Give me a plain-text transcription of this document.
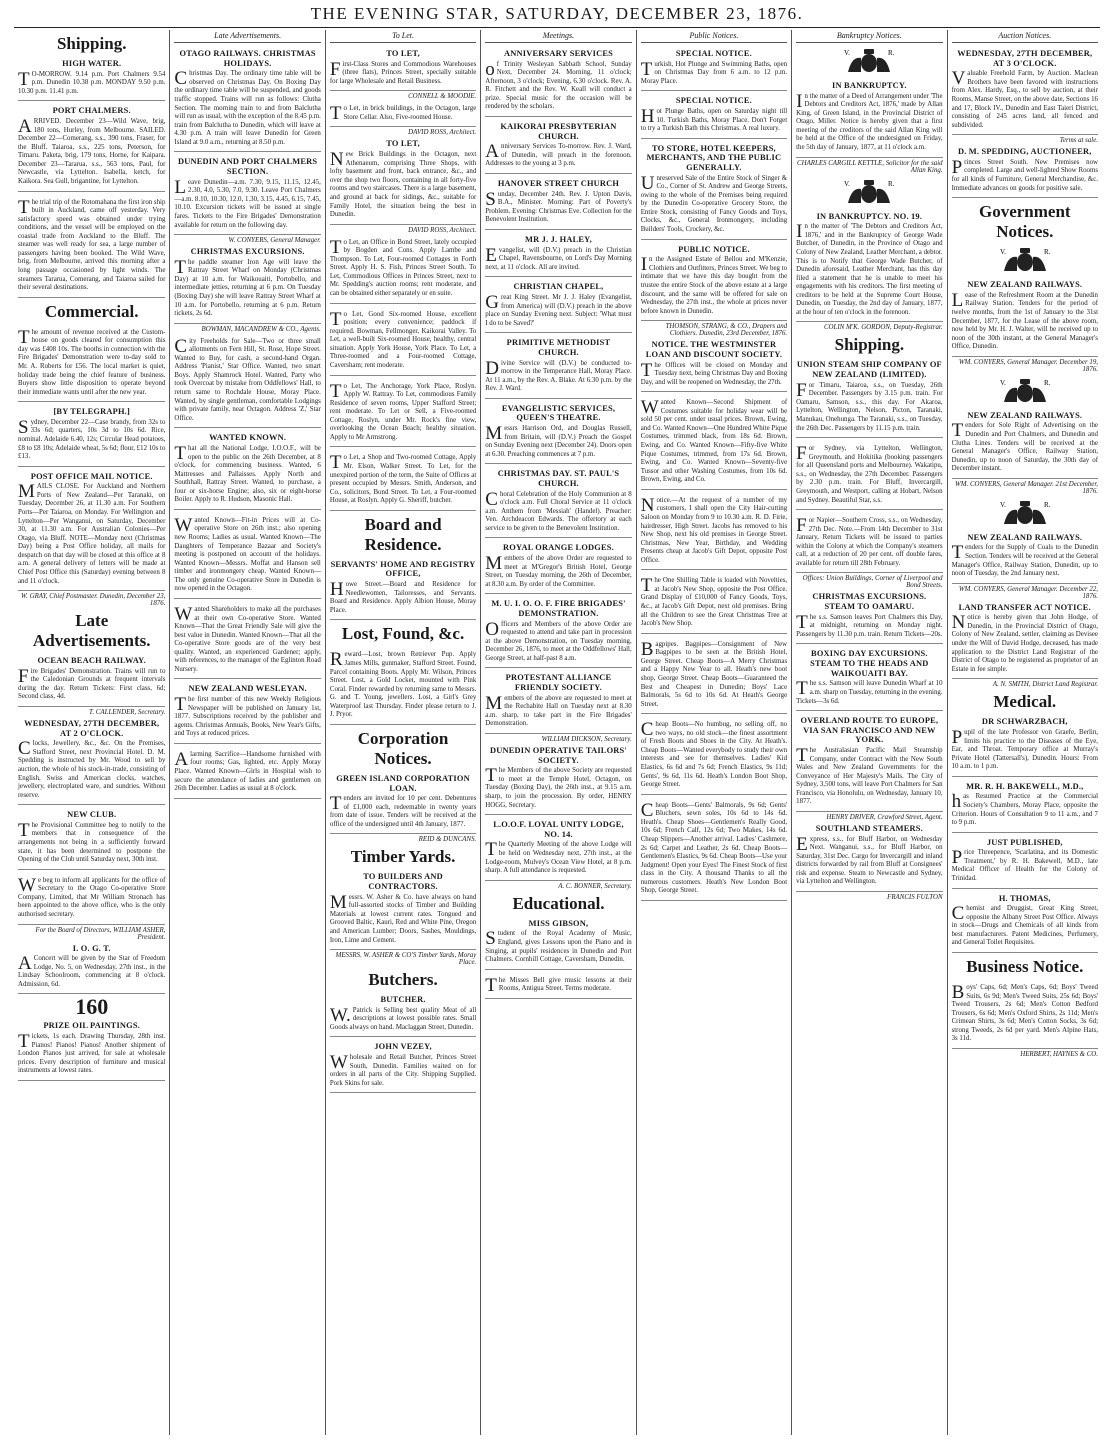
THE EVENING STAR, SATURDAY, DECEMBER 23, 1876.
Shipping.
HIGH WATER.
TO-MORROW. 9.14 p.m. Port Chalmers 9.54 p.m. Dunedin 10.38 p.m. MONDAY 9.50 p.m. 10.30 p.m. 11.41 p.m.
PORT CHALMERS.
ARRIVED. December 23—Wild Wave, brig, 180 tons, Hurley, from Melbourne. SAILED. December 22—Comerang, s.s., 390 tons, Fraser, for the Bluff. Taiaroa, s.s., 225 tons, Peterson, for Timaru. Paketa, brig, 179 tons, Horne, for Kaipara. December 23—Tararua, s.s., 563 tons, Paul, for Newcastle, via Lyttelton. Isabella, ketch, for Kaikora. Sea Gull, brigantine, for Lyttelton.
The trial trip of the Rotomahana the first iron ship built in Auckland, came off yesterday. Very satisfactory speed was obtained under trying conditions, and the vessel will be employed on the coastal trade from Auckland to the Bluff. The steamer was well ready for sea, a large number of passengers having been booked. The Wild Wave, brig, from Melbourne, arrived this morning after a long passage occasioned by light winds. The steamers Tararua, Comerang, and Taiaroa sailed for their several destinations.
Commercial.
The amount of revenue received at the Custom-house on goods cleared for consumption this day was £408 10s. The booths in connection with the Fire Brigades' Demonstration were to-day sold to Mr. A. Roberts for £56. The local market is quiet, holiday trade being the chief feature of business. Buyers show little disposition to operate beyond their immediate wants until after the new year.
[BY TELEGRAPH.]
Sydney, December 22—Case brandy, from 32s to 33s 6d; quarters, 10s 3d to 10s 6d. Rice, nominal. Adelaide 6.40, 12s; Circular Head potatoes, £8 to £8 10s; Adelaide wheat, 5s 6d; flour, £12 10s to £13.
POST OFFICE MAIL NOTICE.
MAILS CLOSE. For Auckland and Northern Ports of New Zealand—Per Taranaki, on Tuesday, December 26, at 11.30 a.m. For Southern Ports—Per Taiaroa, on Monday. For Wellington and Lyttelton—Per Wanganui, on Saturday, December 30, at 11.30 a.m. For Australian Colonies—Per Otago, via Bluff. NOTE—Monday next (Christmas Day) being a Post Office holiday, all mails for despatch on that day will be closed at this office at 8 a.m. A general delivery of letters will be made at Chief Post Office this (Saturday) evening between 8 and 11 o'clock.
W. GRAY, Chief Postmaster. Dunedin, December 23, 1876.
Late Advertisements.
OCEAN BEACH RAILWAY.
Fire Brigades' Demonstration. Trains will run to the Caledonian Grounds at frequent intervals during the day. Return Tickets: First class, 6d; Second class, 4d.
T. CALLENDER, Secretary.
WEDNESDAY, 27TH DECEMBER, AT 2 O'CLOCK.
Clocks, Jewellery, &c., &c. On the Premises, Stafford Street, next Provincial Hotel. D. M. Spedding is instructed by Mr. Wood to sell by auction, the whole of his stock-in-trade, consisting of English, Swiss and American clocks, watches, jewellery, electroplated ware, and sundries. Without reserve.
NEW CLUB.
The Provisional Committee beg to notify to the members that in consequence of the arrangements not being in a sufficiently forward state, it has been determined to postpone the Opening of the Club until Saturday next, 30th inst.
We beg to inform all applicants for the office of Secretary to the Otago Co-operative Store Company, Limited, that Mr William Stronach has been appointed to the above office, who is the only authorised secretary.
For the Board of Directors, WILLIAM ASHER, President.
I. O. G. T.
AConcert will be given by the Star of Freedom Lodge, No. 5, on Wednesday, 27th inst., in the Lindsay Schoolroom, commencing at 8 o'clock. Admission, 6d.
160
PRIZE OIL PAINTINGS.
Tickets, 1s each. Drawing Thursday, 28th inst. Pianos! Pianos! Pianos! Another shipment of London Pianos just arrived, for sale at wholesale prices. Every description of furniture and musical instruments at lowest rates.
Late Advertisements.
OTAGO RAILWAYS. CHRISTMAS HOLIDAYS.
Christmas Day. The ordinary time table will be observed on Christmas Day. On Boxing Day the ordinary time table will be suspended, and goods traffic stopped. Trains will run as follows: Clutha Section. The morning train to and from Balclutha will run as usual, with the exception of the 8.45 p.m. train from Balclutha to Dunedin, which will leave at 4.30 p.m. A train will leave Dunedin for Green Island at 9.0 a.m., returning at 8.50 p.m.
DUNEDIN AND PORT CHALMERS SECTION.
Leave Dunedin—a.m. 7.30, 9.15, 11.15, 12.45, 2.30, 4.0, 5.30, 7.0, 9.30. Leave Port Chalmers—a.m. 8.10, 10.30, 12.0, 1.30, 3.15, 4.45, 6.15, 7.45, 10.10. Excursion tickets will be issued at single fares. Tickets to the Fire Brigades' Demonstration available for return on the following day.
W. CONYERS, General Manager.
CHRISTMAS EXCURSIONS.
The paddle steamer Iron Age will leave the Rattray Street Wharf on Monday (Christmas Day) at 10 a.m. for Waikouaiti, Portobello, and intermediate jetties, returning at 6 p.m. On Tuesday (Boxing Day) she will leave Rattray Street Wharf at 10 a.m. for Portobello, returning at 6 p.m. Return tickets, 2s 6d.
BOWMAN, MACANDREW & CO., Agents.
City Freeholds for Sale—Two or three small allotments on Fern Hill, St. Rose, Hope Street. Wanted to Buy, for cash, a second-hand Organ. Address 'Pianist,' Star Office. Wanted, two smart Boys. Apply Shamrock Hotel. Wanted, Party who took Overcoat by mistake from Oddfellows' Hall, to return same to Rochdale House, Moray Place. Wanted, by single gentleman, comfortable Lodgings with private family, near Octagon. Address 'Z,' Star Office.
WANTED KNOWN.
That all the National Lodge, I.O.O.F., will be open to the public on the 26th December, at 8 o'clock, for commencing business. Wanted, 6 Mattresses and Pallaisses. Apply North and Southhall, Rattray Street. Wanted, to purchase, a four or six-horse Engine; also, six or eight-horse Boiler. Apply to R. Hudson, Masonic Hall.
Wanted Known—Fit-in Prices will at Co-operative Store on 26th inst.; also opening new Rooms; Ladies as usual. Wanted Known—The Daughters of Temperance Bazaar and Society's meeting is postponed on account of the holidays. Wanted Known—Messrs. Moffat and Hanson sell timber and ironmongery cheap. Wanted Known—The only genuine Co-operative Store in Dunedin is now opened in the Octagon.
Wanted Shareholders to make all the purchases at their own Co-operative Store. Wanted Known—That the Great Friendly Sale will give the best value in Dunedin. Wanted Known—That all the Co-operative Store goods are of the very best quality. Wanted, an experienced Gardener; apply, with references, to the manager of the Eglinton Road Nursery.
NEW ZEALAND WESLEYAN.
The first number of this new Weekly Religious Newspaper will be published on January 1st, 1877. Subscriptions received by the publisher and agents. Christmas Annuals, Books, New Year's Gifts, and Toys at reduced prices.
Alarming Sacrifice—Handsome furnished with four rooms; Gas, lighted, etc. Apply Moray Place. Wanted Known—Girls in Hospital wish to secure the attendance of ladies and gentlemen on 26th December. Ladies as usual at 8 o'clock.
To Let.
TO LET,
First-Class Stores and Commodious Warehouses (three flats), Princes Street, specially suitable for large Wholesale and Retail Business.
CONNELL & MOODIE.
To Let, in brick buildings, in the Octagon, large Store Cellar. Also, Five-roomed House.
DAVID ROSS, Architect.
TO LET,
New Brick Buildings in the Octagon, next Athenaeum, comprising Three Shops, with lofty basement and front, back entrance, &c., and over the shop two floors, containing in all forty-five rooms and two staircases. There is a large basement, and ground at back for sidings, &c., suitable for Family Hotel, the situation being the best in Dunedin.
DAVID ROSS, Architect.
To Let, an Office in Bond Street, lately occupied by Bogden and Cons. Apply Lambe and Thompson. To Let, Four-roomed Cottages in Forth Street. Apply H. S. Fish, Princes Street South. To Let, Commodious Offices in Princes Street, next to Mr. Spedding's auction rooms; rent moderate, and can be obtained either separately or en suite.
To Let, Good Six-roomed House, excellent position; every convenience; paddock if required. Bowman, Fellmonger, Kaikorai Valley. To Let, a well-built Six-roomed House, healthy, central situation. Apply York House, York Place. To Let, a Three-roomed and a Four-roomed Cottage, Caversham; rent moderate.
To Let, The Anchorage, York Place, Roslyn. Apply W. Rattray. To Let, commodious Family Residence of seven rooms, Upper Stafford Street; rent moderate. To Let or Sell, a Five-roomed Cottage, Roslyn, under Mr. Rock's fine view, overlooking the Ocean Beach; healthy situation. Apply to Mr Armstrong.
To Let, a Shop and Two-roomed Cottage, Apply Mr. Elson, Walker Street. To Let, for the unexpired portion of the term, the Suite of Offices at present occupied by Messrs. Smith, Anderson, and Co., solicitors, Bond Street. To Let, a Four-roomed House, at Roslyn. Apply G. Sheriff, butcher.
Board and Residence.
SERVANTS' HOME AND REGISTRY OFFICE,
Howe Street.—Board and Residence for Needlewomen, Tailoresses, and Servants. Board and Residence. Apply Albion House, Moray Place.
Lost, Found, &c.
Reward—Lost, brown Retriever Pup. Apply James Mills, gunmaker, Stafford Street. Found, Parcel containing Boots. Apply Mr. Wilson, Princes Street. Lost, a Gold Locket, mounted with Pink Coral. Finder rewarded by returning same to Messrs. G. and T. Young, jewellers. Lost, a Girl's Grey Waterproof last Thursday. Finder please return to J. J. Pryor.
Corporation Notices.
GREEN ISLAND CORPORATION LOAN.
Tenders are invited for 10 per cent. Debentures of £1,000 each, redeemable in twenty years from date of issue. Tenders will be received at the office of the undersigned until 4th January, 1877.
REID & DUNCANS.
Timber Yards.
TO BUILDERS AND CONTRACTORS.
Messrs. W. Asher & Co. have always on hand full-assorted stocks of Timber and Building Materials at lowest current rates. Tongued and Grooved Baltic, Kauri, Red and White Pine, Oregon and American Lumber; Doors, Sashes, Mouldings, Iron, Lime and Cement.
MESSRS. W. ASHER & CO'S Timber Yards, Moray Place.
Butchers.
BUTCHER.
W.Patrick is Selling best quality Meat of all descriptions at lowest possible rates. Small Goods always on hand. Maclaggan Street, Dunedin.
JOHN VEZEY,
Wholesale and Retail Butcher, Princes Street South, Dunedin. Families waited on for orders in all parts of the City. Shipping Supplied. Pork Skins for sale.
Meetings.
ANNIVERSARY SERVICES
of Trinity Wesleyan Sabbath School, Sunday Next, December 24. Morning, 11 o'clock; Afternoon, 3 o'clock; Evening, 6.30 o'clock. Rev. A. R. Fitchett and the Rev. W. Keall will conduct a prize. Special music for the occasion will be rendered by the scholars.
KAIKORAI PRESBYTERIAN CHURCH.
Anniversary Services To-morrow. Rev. J. Ward, of Dunedin, will preach in the forenoon. Addresses to the young at 3 p.m.
HANOVER STREET CHURCH
Sunday, December 24th. Rev. J. Upton Davis, B.A., Minister. Morning: Part of Poverty's Problem. Evening: Christmas Eve. Collection for the Benevolent Institution.
MR J. J. HALEY,
Evangelist, will (D.V.) preach in the Christian Chapel, Ravensbourne, on Lord's Day Morning next, at 11 o'clock. All are invited.
CHRISTIAN CHAPEL,
Great King Street. Mr J. J. Haley (Evangelist, from America) will (D.V.) preach in the above place on Sunday Evening next. Subject: 'What must I do to be Saved?'
PRIMITIVE METHODIST CHURCH.
Divine Service will (D.V.) be conducted to-morrow in the Temperance Hall, Moray Place. At 11 a.m., by the Rev. A. Blake. At 6.30 p.m. by the Rev. J. Ward.
EVANGELISTIC SERVICES, QUEEN'S THEATRE.
Messrs Harrison Ord, and Douglas Russell, from Britain, will (D.V.) Preach the Gospel on Sunday Evening next (December 24). Doors open at 6.30. Preaching commences at 7 p.m.
CHRISTMAS DAY. ST. PAUL'S CHURCH.
Choral Celebration of the Holy Communion at 8 o'clock a.m. Full Choral Service at 11 o'clock a.m. Anthem from 'Messiah' (Handel). Preacher: Ven. Archdeacon Edwards. The offertory at each service to be given to the Benevolent Institution.
ROYAL ORANGE LODGES.
Members of the above Order are requested to meet at M'Gregor's British Hotel, George Street, on Tuesday morning, the 26th of December, at 8.30 a.m. By order of the Committee.
M. U. I. O. O. F. FIRE BRIGADES' DEMONSTRATION.
Officers and Members of the above Order are requested to attend and take part in procession at the above Demonstration, on Tuesday morning, December 26, 1876, to meet at the Oddfellows' Hall, George Street, at half-past 8 a.m.
PROTESTANT ALLIANCE FRIENDLY SOCIETY.
Members of the above are requested to meet at the Rechabite Hall on Tuesday next at 8.30 a.m. sharp, to take part in the Fire Brigades' Demonstration.
WILLIAM DICKSON, Secretary.
DUNEDIN OPERATIVE TAILORS' SOCIETY.
The Members of the above Society are requested to meet at the Temple Hotel, Octagon, on Tuesday (Boxing Day), the 26th inst., at 9.15 a.m. sharp, to join the procession. By order, HENRY HOGG, Secretary.
L.O.O.F. LOYAL UNITY LODGE, NO. 14.
The Quarterly Meeting of the above Lodge will be held on Wednesday next, 27th inst., at the Lodge-room, Mulvey's Ocean View Hotel, at 8 p.m. sharp. A full attendance is requested.
A. C. BONNER, Secretary.
Educational.
MISS GIBSON,
Student of the Royal Academy of Music, England, gives Lessons upon the Piano and in Singing, at pupils' residences in Dunedin and Port Chalmers. Cornhill Cottage, Caversham, Dunedin.
The Misses Bell give music lessons at their Rooms, Antigua Street. Terms moderate.
Public Notices.
SPECIAL NOTICE.
Turkish, Hot Plunge and Swimming Baths, open on Christmas Day from 6 a.m. to 12 p.m. Moray Place.
SPECIAL NOTICE.
Hot Plunge Baths, open on Saturday night till 10. Turkish Baths, Moray Place. Don't Forget to try a Turkish Bath this Christmas. A real luxury.
TO STORE, HOTEL KEEPERS, MERCHANTS, AND THE PUBLIC GENERALLY.
Unreserved Sale of the Entire Stock of Singer & Co., Corner of St. Andrew and George Streets, owing to the whole of the Premises being required by the Dunedin Co-operative Grocery Store, the Entire Stock, consisting of Fancy Goods and Toys, Clocks, &c., General Ironmongery, including Builders' Tools, Crockery, &c.
PUBLIC NOTICE.
In the Assigned Estate of Bellou and M'Kenzie, Clothiers and Outfitters, Princes Street. We beg to intimate that we have this day bought from the trustee the entire Stock of the above estate at a large discount, and the same will be offered for sale on Wednesday, the 27th inst., the whole at prices never before known in Dunedin.
THOMSON, STRANG, & CO., Drapers and Clothiers. Dunedin, 23rd December, 1876.
NOTICE. THE WESTMINSTER LOAN AND DISCOUNT SOCIETY.
The Offices will be closed on Monday and Tuesday next, being Christmas Day and Boxing Day, and will be reopened on Wednesday, the 27th.
Wanted Known—Second Shipment of Costumes suitable for holiday wear will be sold 50 per cent. under usual prices. Brown, Ewing, and Co. Wanted Known—One Hundred White Pique Costumes, trimmed black, from 18s 6d. Brown, Ewing, and Co. Wanted Known—Fifty-five White Pique Costumes, trimmed, from 17s 6d. Brown, Ewing, and Co. Wanted Known—Seventy-five Tussor and other Washing Costumes, from 10s 6d. Brown, Ewing, and Co.
Notice.—At the request of a number of my customers, I shall open the City Hair-cutting Saloon on Monday from 9 to 10.30 a.m. R. D. Firie, hairdresser, High Street. Jacobs has removed to his New Shop, next his old premises in George Street. Christmas, New Year, Birthday, and Wedding Presents cheap at Jacob's Gift Depot, opposite Post Office.
The One Shilling Table is loaded with Novelties, at Jacob's New Shop, opposite the Post Office. Grand Display of £10,000 of Fancy Goods, Toys, &c., at Jacob's Gift Depot, next old premises. Bring all the Children to see the Great Christmas Tree at Jacob's New Shop.
Bagpipes. Bagpipes—Consignment of New Bagpipes to be seen at the British Hotel, George Street. Cheap Boots—A Merry Christmas and a Happy New Year to all. Heath's new boot shop, George Street. Cheap Boots—Guaranteed the Best and Cheapest in Dunedin; Boys' Lace Balmorals, 5s 6d to 10s 6d. At Heath's George Street.
Cheap Boots—No humbug, no selling off, no two ways, no old stock—the finest assortment of Fresh Boots and Shoes in the City. At Heath's. Cheap Boots—Wanted everybody to study their own interests and see for themselves. Ladies' Kid Elastics, 6s 6d and 7s 6d; French Elastics, 9s 11d; Gents', 9s 6d, 11s 6d. Heath's London Boot Shop, George Street.
Cheap Boots—Gents' Balmorals, 9s 6d; Gents' Bluchers, sewn soles, 10s 6d to 14s 6d. Heath's. Cheap Shoes—Gentlemen's Really Good, 10s 6d; French Calf, 12s 6d; Two Makes, 14s 6d. Cheap Slippers—Another arrival. Ladies' Cashmere, 2s 6d; Carpet and Leather, 2s 6d. Cheap Boots—Gentlemen's Elastics, 9s 6d. Cheap Boots—Use your Judgment! Open your Eyes! The Finest Stock of first class in the City. A thousand Thanks to all the numerous customers. Heath's New London Boot Shop, George Street.
Bankruptcy Notices.
V.	R.
IN BANKRUPTCY.
In the matter of a Deed of Arrangement under 'The Debtors and Creditors Act, 1876,' made by Allan King, of Green Island, in the Provincial District of Otago, Miller. Notice is hereby given that a first meeting of the creditors of the said Allan King will be held at the Office of the undersigned on Friday, the 5th day of January, 1877, at 11 o'clock a.m.
CHARLES CARGILL KETTLE, Solicitor for the said Allan King.
V.	R.
IN BANKRUPTCY. NO. 19.
In the matter of 'The Debtors and Creditors Act, 1876,' and in the Bankruptcy of George Wade Butcher, of Dunedin, in the Province of Otago and Colony of New Zealand, Leather Merchant, a debtor. This is to Notify that George Wade Butcher, of Dunedin aforesaid, Leather Merchant, has this day filed a statement that he is unable to meet his engagements with his creditors. The first meeting of creditors to be held at the Supreme Court House, Dunedin, on Tuesday, the 2nd day of January, 1877, at the hour of ten o'clock in the forenoon.
COLIN M'K. GORDON, Deputy-Registrar.
Shipping.
UNION STEAM SHIP COMPANY OF NEW ZEALAND (LIMITED).
For Timaru, Taiaroa, s.s., on Tuesday, 26th December. Passengers by 3.15 p.m. train. For Oamaru, Samson, s.s., this day. For Akaroa, Lyttelton, Wellington, Nelson, Picton, Taranaki, Manukau, Onehunga. The Taranaki, s.s., on Tuesday, the 26th Dec. Passengers by 11.15 p.m. train.
For Sydney, via Lyttelton, Wellington, Greymouth, and Hokitika (booking passengers for all Queensland ports and Melbourne). Wakatipu, s.s., on Wednesday, the 27th December. Passengers by 2.30 p.m. train. For Bluff, Invercargill, Greymouth, and Westport, calling at Hobart, Nelson and Sydney. Beautiful Star, s.s.
For Napier—Southern Cross, s.s., on Wednesday, 27th Dec. Note.—From 14th December to 31st January, Return Tickets will be issued to parties within the Colony at which the Company's steamers call, at a reduction of 20 per cent. off double fares, available for return till 28th February.
Offices: Union Buildings, Corner of Liverpool and Bond Streets.
CHRISTMAS EXCURSIONS. STEAM TO OAMARU.
The s.s. Samson leaves Port Chalmers this Day, at midnight, returning on Monday night. Passengers by 11.30 p.m. train. Return Tickets—20s.
BOXING DAY EXCURSIONS. STEAM TO THE HEADS AND WAIKOUAITI BAY.
The s.s. Samson will leave Dunedin Wharf at 10 a.m. sharp on Tuesday, returning in the evening. Tickets—3s 6d.
OVERLAND ROUTE TO EUROPE, VIA SAN FRANCISCO AND NEW YORK.
The Australasian Pacific Mail Steamship Company, under Contract with the New South Wales and New Zealand Governments for the Conveyance of Her Majesty's Mails. The City of Sydney, 3,500 tons, will leave Port Chalmers for San Francisco, via Honolulu, on Wednesday, January 10, 1877.
HENRY DRIVER, Crawford Street, Agent.
SOUTHLAND STEAMERS.
Express, s.s., for Bluff Harbor, on Wednesday Next. Wanganui, s.s., for Bluff Harbor, on Saturday, 31st Dec. Cargo for Invercargill and inland districts forwarded by rail from Bluff at Consignees' risk and expense. Steam to Newcastle and Sydney, via Lyttelton and Wellington.
FRANCIS FULTON
Auction Notices.
WEDNESDAY, 27TH DECEMBER, AT 3 O'CLOCK.
Valuable Freehold Farm, by Auction. Maclean Brothers have been favored with instructions from Alex. Hardy, Esq., to sell by auction, at their Rooms, Manse Street, on the above date, Sections 16 and 17, Block IV., Dunedin and East Taieri District, consisting of 245 acres land, all fenced and subdivided.
Terms at sale.
D. M. SPEDDING, AUCTIONEER,
Princes Street South. New Premises now completed. Large and well-lighted Show Rooms for all kinds of Furniture, General Merchandise, &c. Immediate advances on goods for positive sale.
Government Notices.
V.	R.
NEW ZEALAND RAILWAYS.
Lease of the Refreshment Room at the Dunedin Railway Station. Tenders for the period of twelve months, from the 1st of January to the 31st December, 1877, for the Lease of the above room, now held by Mr. H. J. Walter, will be received up to noon of the 30th instant, at the General Manager's Office, Dunedin.
WM. CONYERS, General Manager. December 19, 1876.
V.	R.
NEW ZEALAND RAILWAYS.
Tenders for Sole Right of Advertising on the Dunedin and Port Chalmers, and Dunedin and Clutha Lines. Tenders will be received at the General Manager's Office, Railway Station, Dunedin, up to noon of Saturday, the 30th day of December instant.
WM. CONYERS, General Manager. 21st December, 1876.
V.	R.
NEW ZEALAND RAILWAYS.
Tenders for the Supply of Coals to the Dunedin Section. Tenders will be received at the General Manager's Office, Railway Station, Dunedin, up to noon of Tuesday, the 2nd January next.
WM. CONYERS, General Manager. December 22, 1876.
LAND TRANSFER ACT NOTICE.
Notice is hereby given that John Hodge, of Dunedin, in the Provincial District of Otago, Colony of New Zealand, settler, claiming as Devisee under the Will of David Hodge, deceased, has made application to the District Land Registrar of the District of Otago to be registered as proprietor of an Estate in fee simple.
A. N. SMITH, District Land Registrar.
Medical.
DR SCHWARZBACH,
Pupil of the late Professor von Graefe, Berlin, limits his practice to the Diseases of the Eye, Ear, and Throat. Temporary office at Murray's Private Hotel (Tattersall's), Dunedin. Hours: From 10 a.m. to 1 p.m.
MR. R. H. BAKEWELL, M.D.,
has Resumed Practice at the Commercial Society's Chambers, Moray Place, opposite the Criterion. Hours of Consultation 9 to 11 a.m., and 7 to 9 p.m.
JUST PUBLISHED,
Price Threepence, 'Scarlatina, and its Domestic Treatment,' by R. H. Bakewell, M.D., late Medical Officer of Health for the Colony of Trinidad.
H. THOMAS,
Chemist and Druggist, Great King Street, opposite the Albany Street Post Office. Always in stock—Drugs and Chemicals of all kinds from best manufacturers. Patent Medicines, Perfumery, and General Toilet Requisites.
Business Notice.
Boys' Caps, 6d; Men's Caps, 6d; Boys' Tweed Suits, 6s 9d; Men's Tweed Suits, 25s 6d; Boys' Tweed Trousers, 2s 6d; Men's Cotton Bedford Trousers, 6s 6d; Men's Oxford Shirts, 2s 11d; Men's Crimean Shirts, 3s 6d; Men's Cotton Socks, 3s 6d; strong Tweeds, 2s 6d per yard. Men's Alpine Hats, 3s 11d.
HERBERT, HAYNES & CO.
